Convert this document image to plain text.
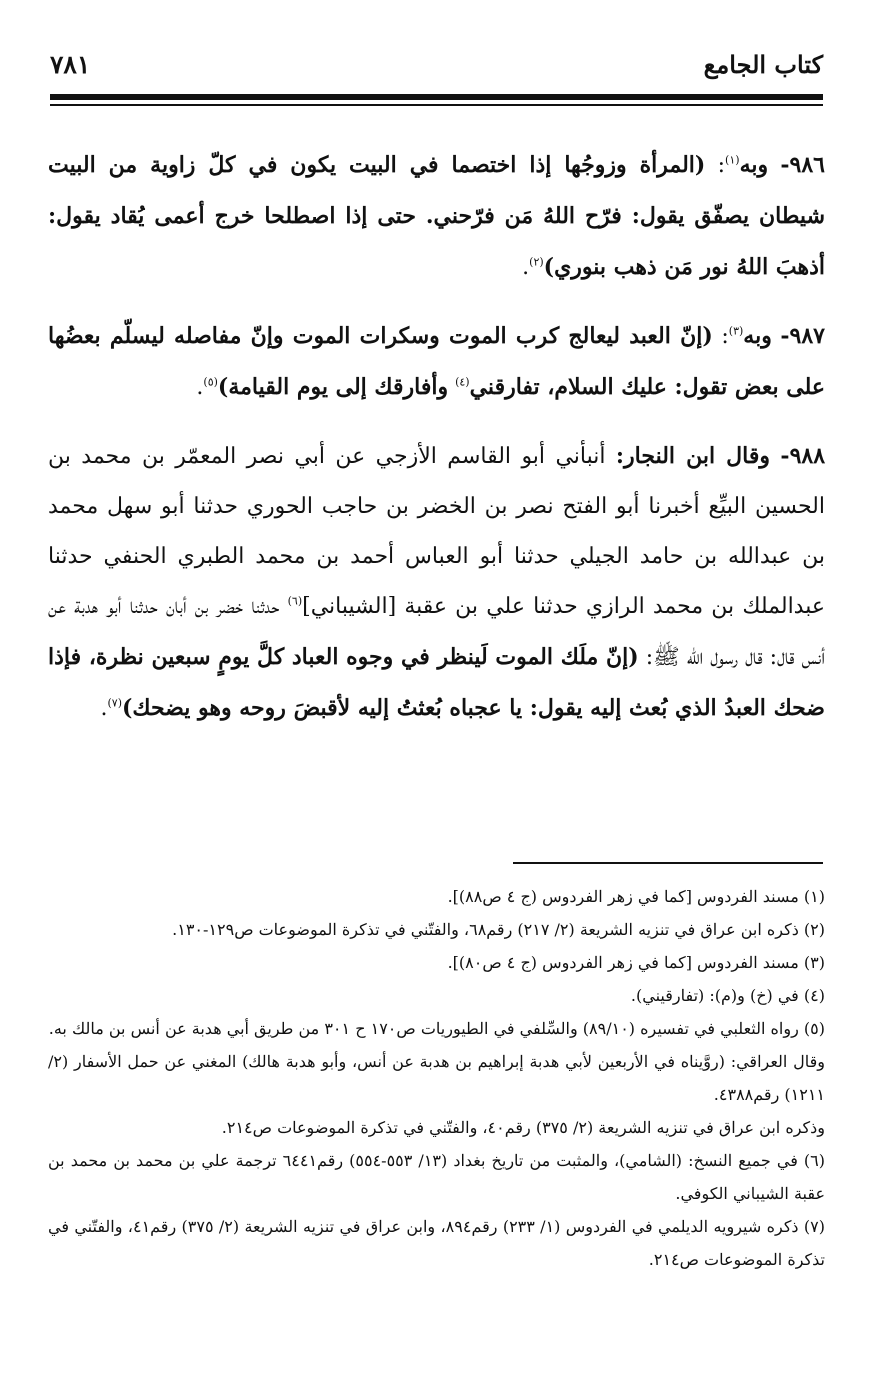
٧٨١	كتاب الجامع

٩٨٦- وبه$^{(١)}$: (المرأة وزوجُها إذا اختصما في البيت يكون في كلّ زاوية من البيت شيطان يصفّق يقول: فرّح اللهُ مَن فرّحني. حتى إذا اصطلحا خرج أعمى يُقاد يقول: أذهبَ اللهُ نور مَن ذهب بنوري)$^{(٢)}$.

٩٨٧- وبه$^{(٣)}$: (إنّ العبد ليعالج كرب الموت وسكرات الموت وإنّ مفاصله ليسلّم بعضُها على بعض تقول: عليك السلام، تفارقني$^{(٤)}$ وأفارقك إلى يوم القيامة)$^{(٥)}$.

٩٨٨- وقال ابن النجار: أنبأني أبو القاسم الأزجي عن أبي نصر المعمّر بن محمد بن الحسين البيِّع أخبرنا أبو الفتح نصر بن الخضر بن حاجب الحوري حدثنا أبو سهل محمد بن عبدالله بن حامد الجيلي حدثنا أبو العباس أحمد بن محمد الطبري الحنفي حدثنا عبدالملك بن محمد الرازي حدثنا علي بن عقبة [الشيباني]$^{(٦)}$ حدثنا خضر بن أبان حدثنا أبو هدبة عن أنس قال: قال رسول الله ﷺ: (إنّ ملَك الموت لَينظر في وجوه العباد كلَّ يومٍ سبعين نظرة، فإذا ضحك العبدُ الذي بُعث إليه يقول: يا عجباه بُعثتُ إليه لأقبضَ روحه وهو يضحك)$^{(٧)}$.

(١) مسند الفردوس [كما في زهر الفردوس (ج ٤ ص٨٨)].

(٢) ذكره ابن عراق في تنزيه الشريعة (٢/ ٢١٧) رقم٦٨، والفتّني في تذكرة الموضوعات ص١٢٩-١٣٠.

(٣) مسند الفردوس [كما في زهر الفردوس (ج ٤ ص٨٠)].

(٤) في (خ) و(م): (تفارقيني).

(٥) رواه الثعلبي في تفسيره (٨٩/١٠) والسِّلفي في الطيوريات ص١٧٠ ح ٣٠١ من طريق أبي هدبة عن أنس بن مالك به.

وقال العراقي: (روَّيناه في الأربعين لأبي هدبة إبراهيم بن هدبة عن أنس، وأبو هدبة هالك) المغني عن حمل الأسفار (٢/ ١٢١١) رقم٤٣٨٨.

وذكره ابن عراق في تنزيه الشريعة (٢/ ٣٧٥) رقم٤٠، والفتّني في تذكرة الموضوعات ص٢١٤.

(٦) في جميع النسخ: (الشامي)، والمثبت من تاريخ بغداد (١٣/ ٥٥٣-٥٥٤) رقم٦٤٤١ ترجمة علي بن محمد بن محمد بن عقبة الشيباني الكوفي.

(٧) ذكره شيرويه الديلمي في الفردوس (١/ ٢٣٣) رقم٨٩٤، وابن عراق في تنزيه الشريعة (٢/ ٣٧٥) رقم٤١، والفتّني في تذكرة الموضوعات ص٢١٤.
